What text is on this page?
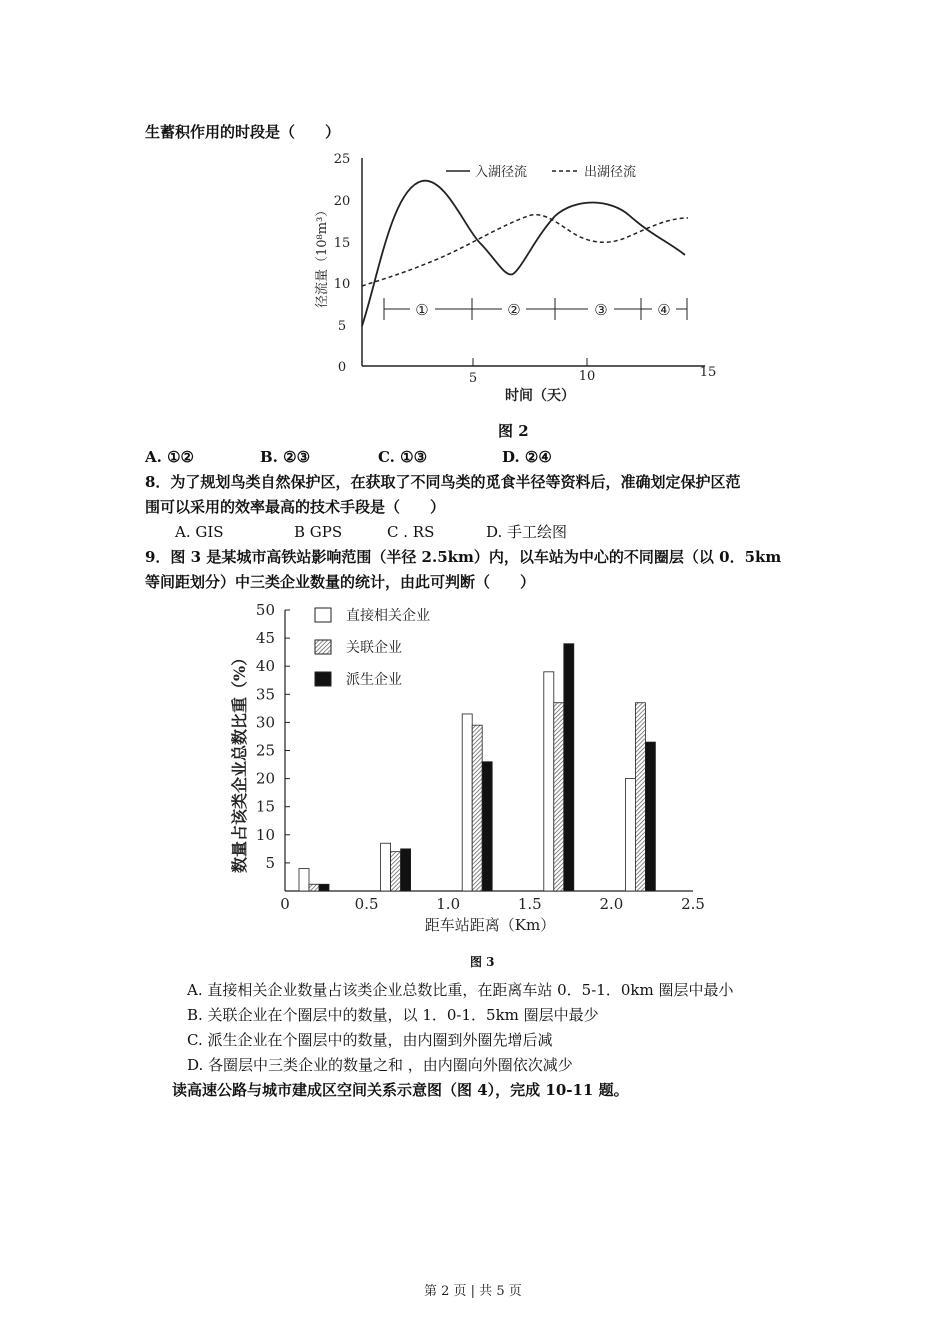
生蓄积作用的时段是（　　）
0
5
10
15
20
25
5	10	15
径流量（10⁸m³）
时间（天）
入湖径流	出湖径流
①	②	③	④
图 2
A. ①②	B. ②③	C. ①③	D. ②④
8．为了规划鸟类自然保护区，在获取了不同鸟类的觅食半径等资料后，准确划定保护区范
围可以采用的效率最高的技术手段是（　　）
A. GIS	B GPS	C . RS	D. 手工绘图
9．图 3 是某城市高铁站影响范围（半径 2.5km）内，以车站为中心的不同圈层（以 0．5km
等间距划分）中三类企业数量的统计，由此可判断（　　）
数量占该类企业总数比重（%）
距车站距离（Km）
直接相关企业
关联企业
派生企业
5
10
15
20
25
30
35
40
45
50
0	0.5	1.0	1.5	2.0	2.5
图 3
A. 直接相关企业数量占该类企业总数比重，在距离车站 0．5-1．0km 圈层中最小
B. 关联企业在个圈层中的数量，以 1．0-1．5km 圈层中最少
C. 派生企业在个圈层中的数量，由内圈到外圈先增后减
D. 各圈层中三类企业的数量之和 ，由内圈向外圈依次减少
读高速公路与城市建成区空间关系示意图（图 4），完成 10-11 题。
第 2 页 | 共 5 页
